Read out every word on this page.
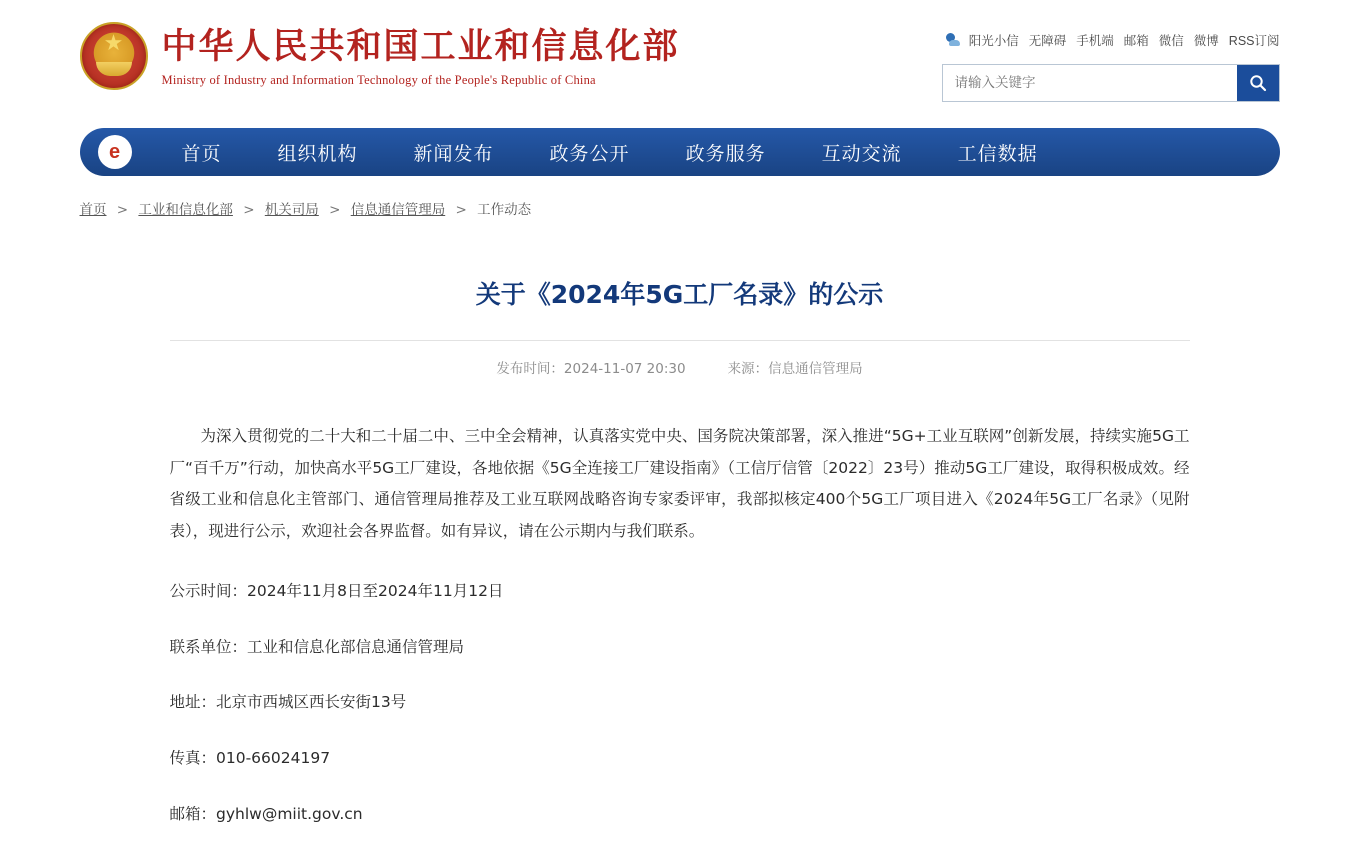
★
中华人民共和国工业和信息化部
Ministry of Industry and Information Technology of the People's Republic of China
阳光小信 无障碍 手机端 邮箱 微信 微博 RSS订阅
请输入关键字
e	首页	组织机构	新闻发布	政务公开	政务服务	互动交流	工信数据
首页 > 工业和信息化部 > 机关司局 > 信息通信管理局 > 工作动态
关于《2024年5G工厂名录》的公示
发布时间：2024-11-07 20:30	来源：信息通信管理局

为深入贯彻党的二十大和二十届二中、三中全会精神，认真落实党中央、国务院决策部署，深入推进“5G+工业互联网”创新发展，持续实施5G工厂“百千万”行动，加快高水平5G工厂建设，各地依据《5G全连接工厂建设指南》（工信厅信管〔2022〕23号）推动5G工厂建设，取得积极成效。经省级工业和信息化主管部门、通信管理局推荐及工业互联网战略咨询专家委评审，我部拟核定400个5G工厂项目进入《2024年5G工厂名录》（见附表），现进行公示，欢迎社会各界监督。如有异议，请在公示期内与我们联系。

公示时间：2024年11月8日至2024年11月12日

联系单位：工业和信息化部信息通信管理局

地址：北京市西城区西长安街13号

传真：010-66024197

邮箱：gyhlw@miit.gov.cn
